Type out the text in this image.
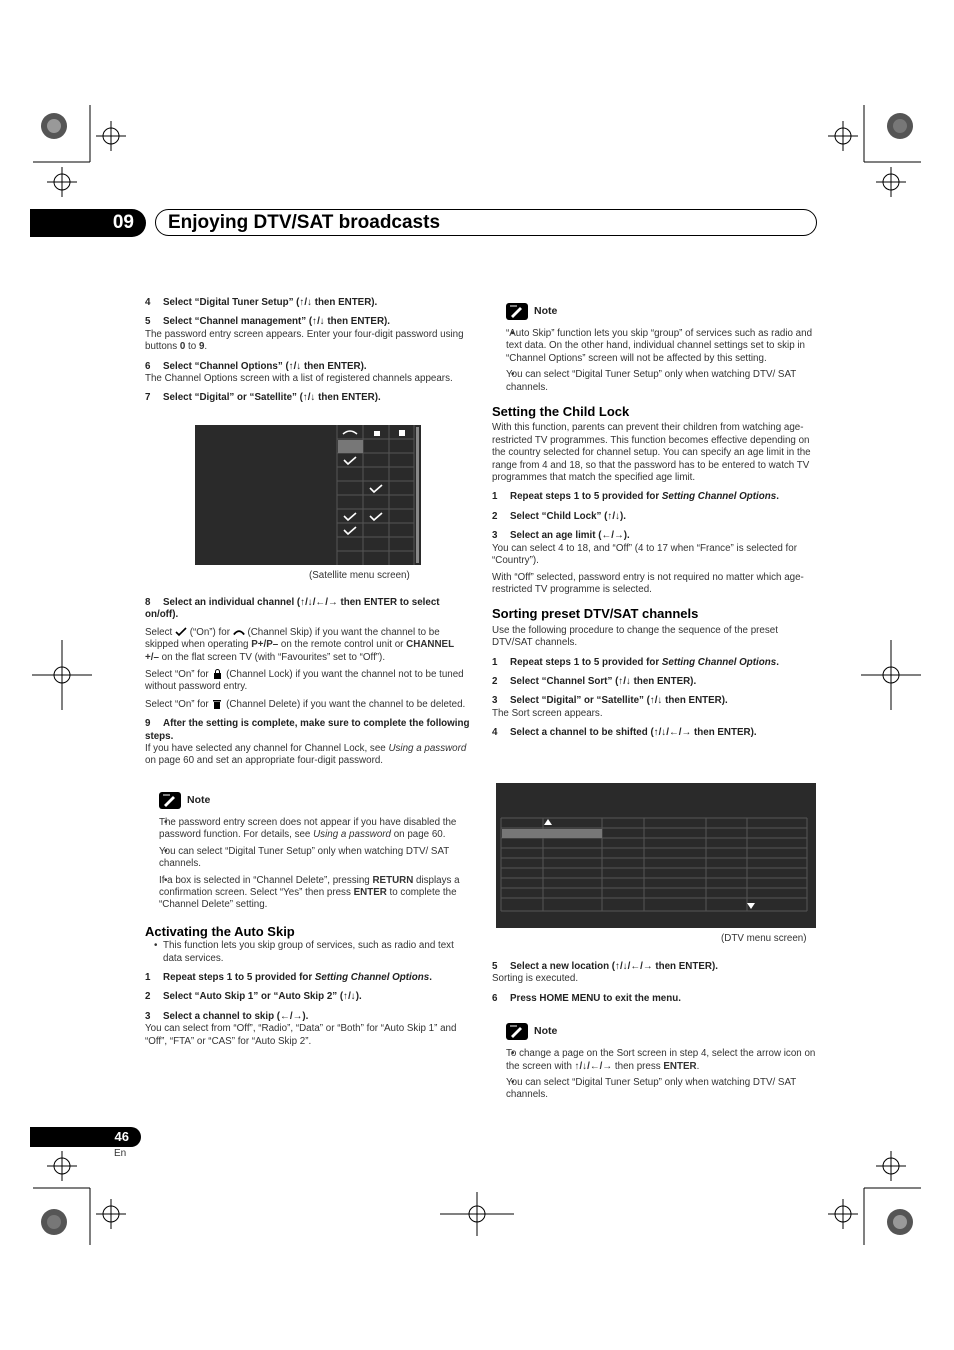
09	Enjoying DTV/SAT broadcasts

4 Select “Digital Tuner Setup” (↑/↓ then ENTER).

5 Select “Channel management” (↑/↓ then ENTER).

The password entry screen appears. Enter your four-digit password using buttons 0 to 9.

6 Select “Channel Options” (↑/↓ then ENTER).

The Channel Options screen with a list of registered channels appears.

7 Select “Digital” or “Satellite” (↑/↓ then ENTER).

(Satellite menu screen)

8 Select an individual channel (↑/↓/←/→ then ENTER to select on/off).

Select (“On”) for (Channel Skip) if you want the channel to be skipped when operating P+/P– on the remote control unit or CHANNEL +/– on the flat screen TV (with “Favourites” set to “Off”).

Select “On” for (Channel Lock) if you want the channel not to be tuned without password entry.

Select “On” for (Channel Delete) if you want the channel to be deleted.

9 After the setting is complete, make sure to complete the following steps.

If you have selected any channel for Channel Lock, see Using a password on page 60 and set an appropriate four-digit password.

Note

• The password entry screen does not appear if you have disabled the password function. For details, see Using a password on page 60.

• You can select “Digital Tuner Setup” only when watching DTV/ SAT channels.

• If a box is selected in “Channel Delete”, pressing RETURN displays a confirmation screen. Select “Yes” then press ENTER to complete the “Channel Delete” setting.

Activating the Auto Skip

• This function lets you skip group of services, such as radio and text data services.

1 Repeat steps 1 to 5 provided for Setting Channel Options.

2 Select “Auto Skip 1” or “Auto Skip 2” (↑/↓).

3 Select a channel to skip (←/→).

You can select from “Off”, “Radio”, “Data” or “Both” for “Auto Skip 1” and “Off”, “FTA” or “CAS” for “Auto Skip 2”.

Note

• “Auto Skip” function lets you skip “group” of services such as radio and text data. On the other hand, individual channel settings set to skip in “Channel Options” screen will not be affected by this setting.

• You can select “Digital Tuner Setup” only when watching DTV/ SAT channels.

Setting the Child Lock

With this function, parents can prevent their children from watching age-restricted TV programmes. This function becomes effective depending on the country selected for channel setup. You can specify an age limit in the range from 4 and 18, so that the password has to be entered to watch TV programmes that match the specified age limit.

1 Repeat steps 1 to 5 provided for Setting Channel Options.

2 Select “Child Lock” (↑/↓).

3 Select an age limit (←/→).

You can select 4 to 18, and “Off” (4 to 17 when “France” is selected for “Country”).

With “Off” selected, password entry is not required no matter which age-restricted TV programme is selected.

Sorting preset DTV/SAT channels

Use the following procedure to change the sequence of the preset DTV/SAT channels.

1 Repeat steps 1 to 5 provided for Setting Channel Options.

2 Select “Channel Sort” (↑/↓ then ENTER).

3 Select “Digital” or “Satellite” (↑/↓ then ENTER).

The Sort screen appears.

4 Select a channel to be shifted (↑/↓/←/→ then ENTER).

(DTV menu screen)

5 Select a new location (↑/↓/←/→ then ENTER).

Sorting is executed.

6 Press HOME MENU to exit the menu.

Note

• To change a page on the Sort screen in step 4, select the arrow icon on the screen with ↑/↓/←/→ then press ENTER.

• You can select “Digital Tuner Setup” only when watching DTV/ SAT channels.

46
En
